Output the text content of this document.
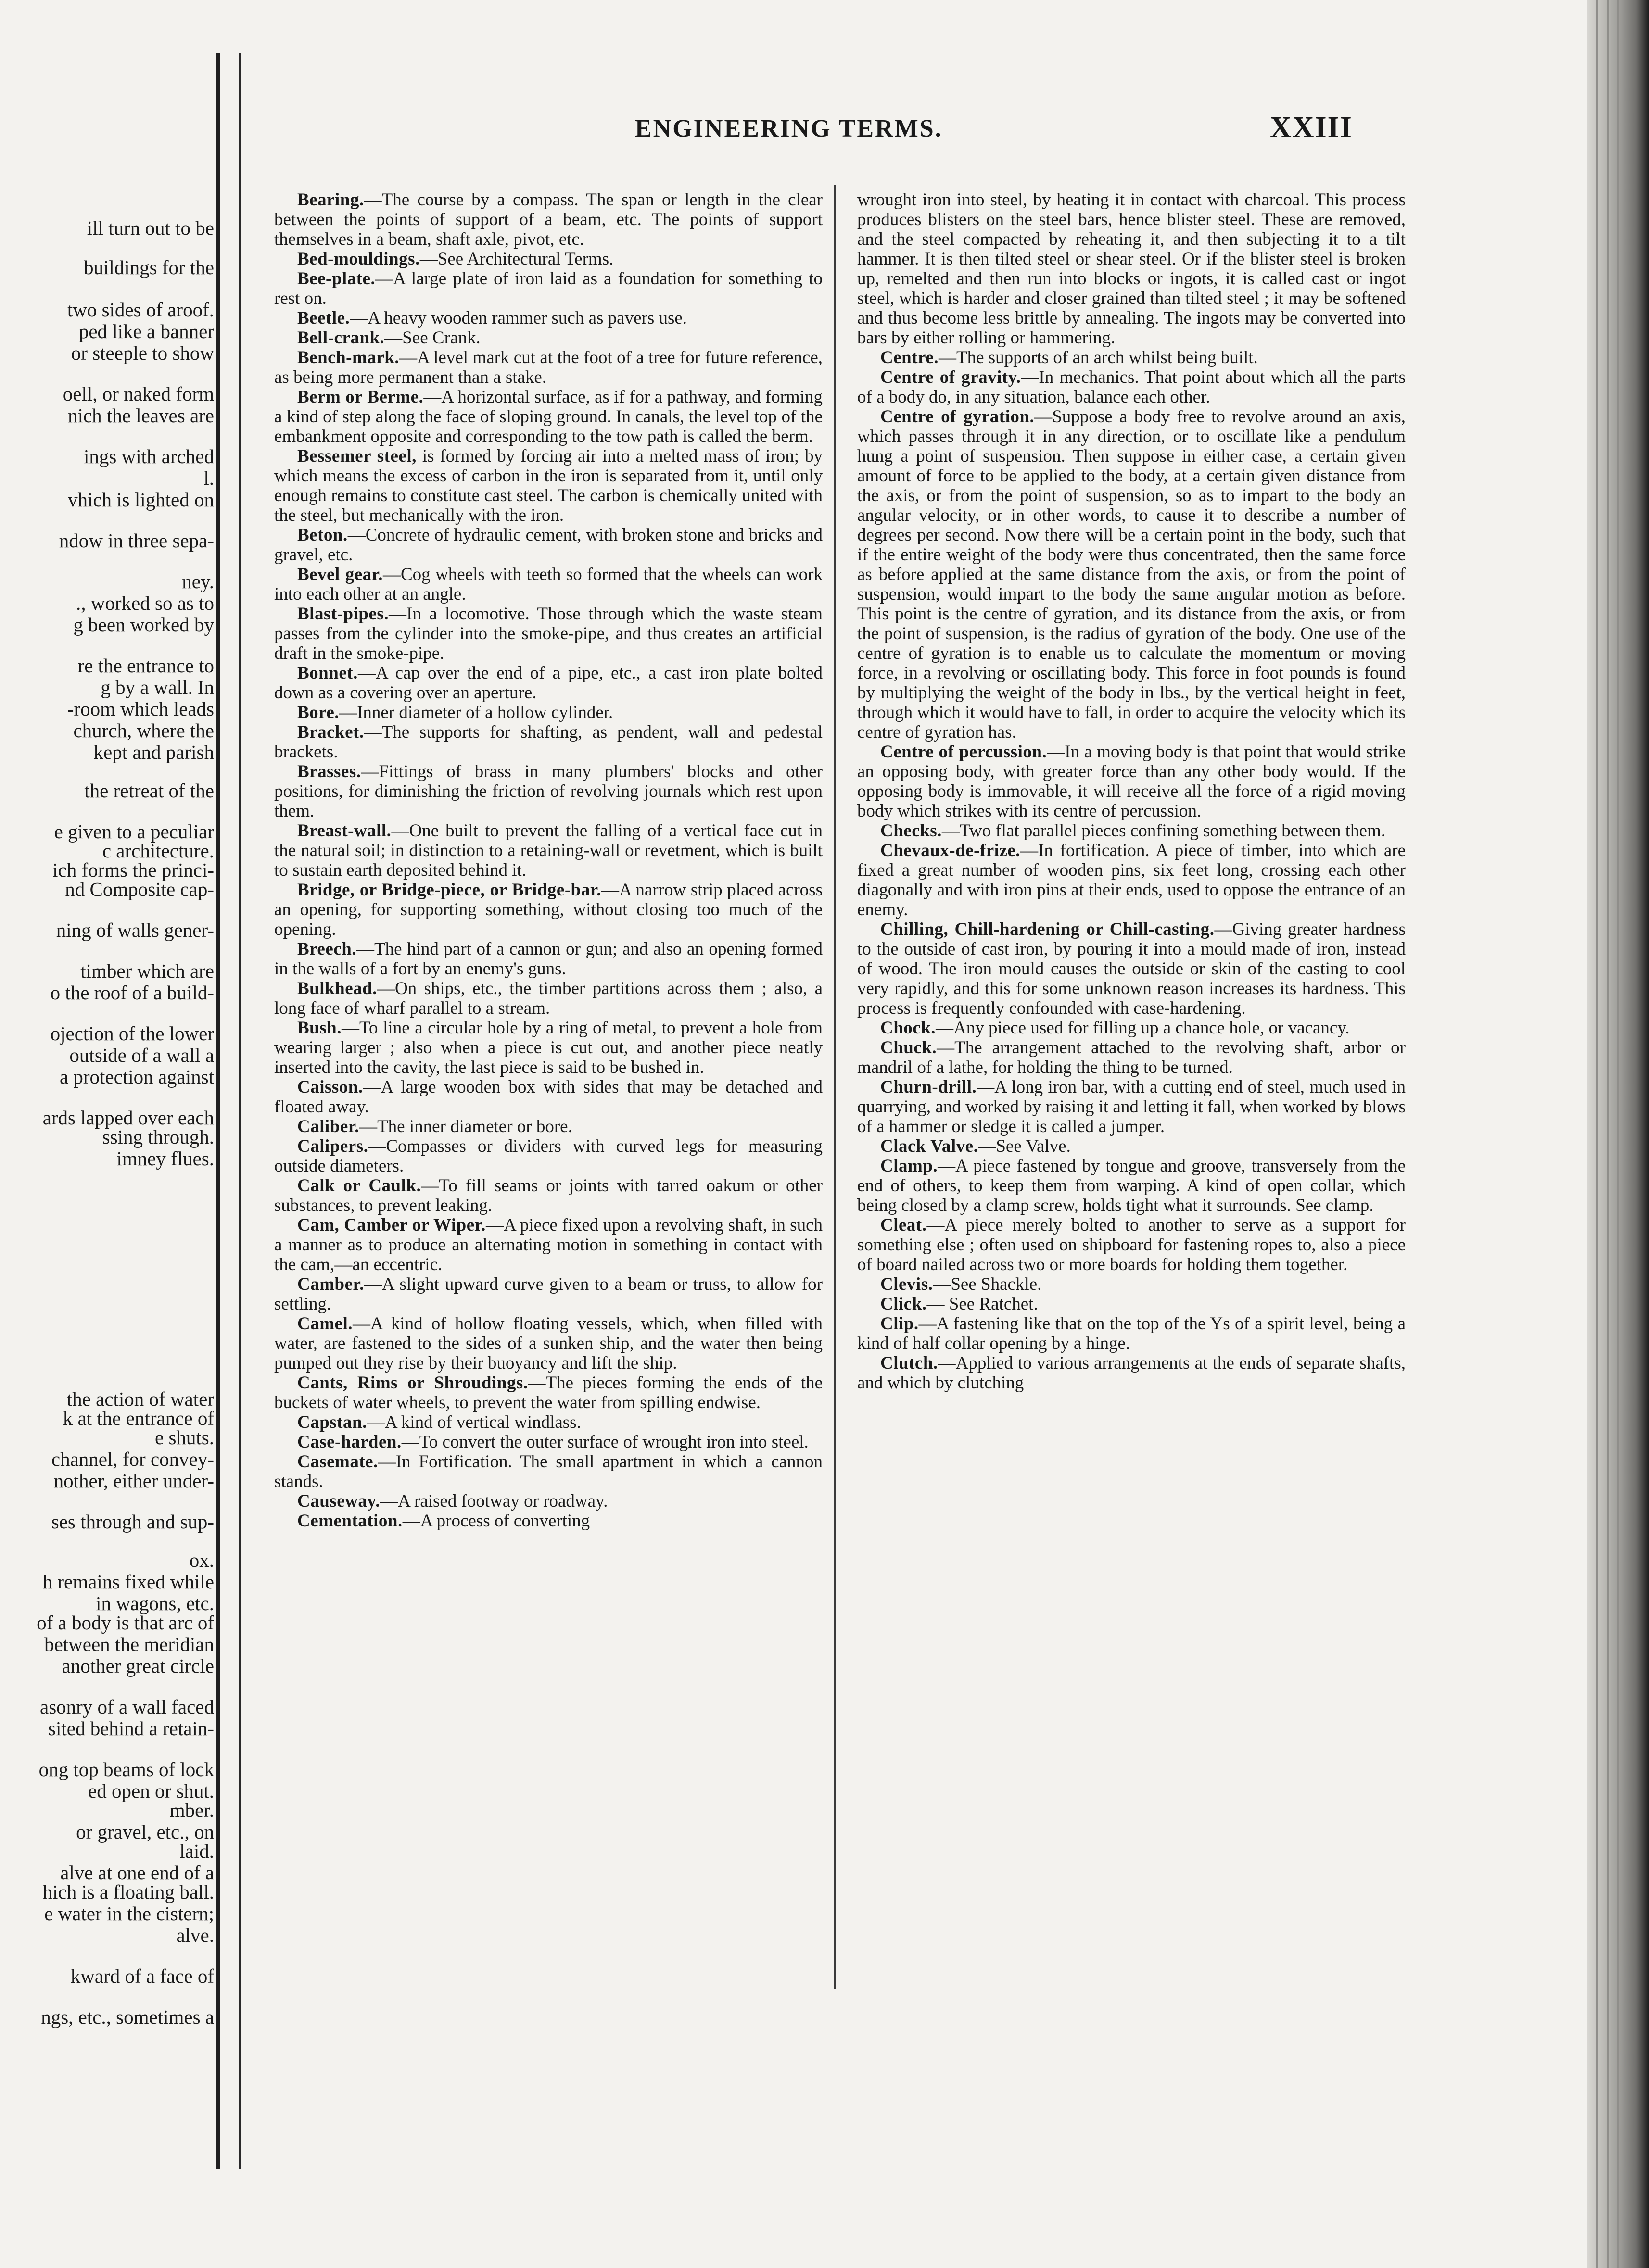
ENGINEERING TERMS.	XXIII
ill turn out to be
buildings for the
two sides of aroof.
ped like a banner
or steeple to show
oell, or naked form
nich the leaves are
ings with arched
l.
vhich is lighted on
ndow in three sepa-
ney.
., worked so as to
g been worked by
re the entrance to
g by a wall. In
-room which leads
church, where the
kept and parish
the retreat of the
e given to a peculiar
c architecture.
ich forms the princi-
nd Composite cap-
ning of walls gener-
timber which are
o the roof of a build-
ojection of the lower
outside of a wall a
a protection against
ards lapped over each
ssing through.
imney flues.
the action of water
k at the entrance of
e shuts.
channel, for convey-
nother, either under-
ses through and sup-
ox.
h remains fixed while
in wagons, etc.
of a body is that arc of
between the meridian
another great circle
asonry of a wall faced
sited behind a retain-
ong top beams of lock
ed open or shut.
mber.
or gravel, etc., on
laid.
alve at one end of a
hich is a floating ball.
e water in the cistern;
alve.
kward of a face of
ngs, etc., sometimes a

Bearing.—The course by a compass. The span or length in the clear between the points of support of a beam, etc. The points of support themselves in a beam, shaft axle, pivot, etc.

Bed-mouldings.—See Architectural Terms.

Bee-plate.—A large plate of iron laid as a foundation for something to rest on.

Beetle.—A heavy wooden rammer such as pavers use.

Bell-crank.—See Crank.

Bench-mark.—A level mark cut at the foot of a tree for future reference, as being more permanent than a stake.

Berm or Berme.—A horizontal surface, as if for a pathway, and forming a kind of step along the face of sloping ground. In canals, the level top of the embankment opposite and corresponding to the tow path is called the berm.

Bessemer steel, is formed by forcing air into a melted mass of iron; by which means the excess of carbon in the iron is separated from it, until only enough remains to constitute cast steel. The carbon is chemically united with the steel, but mechanically with the iron.

Beton.—Concrete of hydraulic cement, with broken stone and bricks and gravel, etc.

Bevel gear.—Cog wheels with teeth so formed that the wheels can work into each other at an angle.

Blast-pipes.—In a locomotive. Those through which the waste steam passes from the cylinder into the smoke-pipe, and thus creates an artificial draft in the smoke-pipe.

Bonnet.—A cap over the end of a pipe, etc., a cast iron plate bolted down as a covering over an aperture.

Bore.—Inner diameter of a hollow cylinder.

Bracket.—The supports for shafting, as pendent, wall and pedestal brackets.

Brasses.—Fittings of brass in many plumbers' blocks and other positions, for diminishing the friction of revolving journals which rest upon them.

Breast-wall.—One built to prevent the falling of a vertical face cut in the natural soil; in distinction to a retaining-wall or revetment, which is built to sustain earth deposited behind it.

Bridge, or Bridge-piece, or Bridge-bar.—A narrow strip placed across an opening, for supporting something, without closing too much of the opening.

Breech.—The hind part of a cannon or gun; and also an opening formed in the walls of a fort by an enemy's guns.

Bulkhead.—On ships, etc., the timber partitions across them ; also, a long face of wharf parallel to a stream.

Bush.—To line a circular hole by a ring of metal, to prevent a hole from wearing larger ; also when a piece is cut out, and another piece neatly inserted into the cavity, the last piece is said to be bushed in.

Caisson.—A large wooden box with sides that may be detached and floated away.

Caliber.—The inner diameter or bore.

Calipers.—Compasses or dividers with curved legs for measuring outside diameters.

Calk or Caulk.—To fill seams or joints with tarred oakum or other substances, to prevent leaking.

Cam, Camber or Wiper.—A piece fixed upon a revolving shaft, in such a manner as to produce an alternating motion in something in contact with the cam,—an eccentric.

Camber.—A slight upward curve given to a beam or truss, to allow for settling.

Camel.—A kind of hollow floating vessels, which, when filled with water, are fastened to the sides of a sunken ship, and the water then being pumped out they rise by their buoyancy and lift the ship.

Cants, Rims or Shroudings.—The pieces forming the ends of the buckets of water wheels, to prevent the water from spilling endwise.

Capstan.—A kind of vertical windlass.

Case-harden.—To convert the outer surface of wrought iron into steel.

Casemate.—In Fortification. The small apartment in which a cannon stands.

Causeway.—A raised footway or roadway.

Cementation.—A process of converting

wrought iron into steel, by heating it in contact with charcoal. This process produces blisters on the steel bars, hence blister steel. These are removed, and the steel compacted by reheating it, and then subjecting it to a tilt hammer. It is then tilted steel or shear steel. Or if the blister steel is broken up, remelted and then run into blocks or ingots, it is called cast or ingot steel, which is harder and closer grained than tilted steel ; it may be softened and thus become less brittle by annealing. The ingots may be converted into bars by either rolling or hammering.

Centre.—The supports of an arch whilst being built.

Centre of gravity.—In mechanics. That point about which all the parts of a body do, in any situation, balance each other.

Centre of gyration.—Suppose a body free to revolve around an axis, which passes through it in any direction, or to oscillate like a pendulum hung a point of suspension. Then suppose in either case, a certain given amount of force to be applied to the body, at a certain given distance from the axis, or from the point of suspension, so as to impart to the body an angular velocity, or in other words, to cause it to describe a number of degrees per second. Now there will be a certain point in the body, such that if the entire weight of the body were thus concentrated, then the same force as before applied at the same distance from the axis, or from the point of suspension, would impart to the body the same angular motion as before. This point is the centre of gyration, and its distance from the axis, or from the point of suspension, is the radius of gyration of the body. One use of the centre of gyration is to enable us to calculate the momentum or moving force, in a revolving or oscillating body. This force in foot pounds is found by multiplying the weight of the body in lbs., by the vertical height in feet, through which it would have to fall, in order to acquire the velocity which its centre of gyration has.

Centre of percussion.—In a moving body is that point that would strike an opposing body, with greater force than any other body would. If the opposing body is immovable, it will receive all the force of a rigid moving body which strikes with its centre of percussion.

Checks.—Two flat parallel pieces confining something between them.

Chevaux-de-frize.—In fortification. A piece of timber, into which are fixed a great number of wooden pins, six feet long, crossing each other diagonally and with iron pins at their ends, used to oppose the entrance of an enemy.

Chilling, Chill-hardening or Chill-casting.—Giving greater hardness to the outside of cast iron, by pouring it into a mould made of iron, instead of wood. The iron mould causes the outside or skin of the casting to cool very rapidly, and this for some unknown reason increases its hardness. This process is frequently confounded with case-hardening.

Chock.—Any piece used for filling up a chance hole, or vacancy.

Chuck.—The arrangement attached to the revolving shaft, arbor or mandril of a lathe, for holding the thing to be turned.

Churn-drill.—A long iron bar, with a cutting end of steel, much used in quarrying, and worked by raising it and letting it fall, when worked by blows of a hammer or sledge it is called a jumper.

Clack Valve.—See Valve.

Clamp.—A piece fastened by tongue and groove, transversely from the end of others, to keep them from warping. A kind of open collar, which being closed by a clamp screw, holds tight what it surrounds. See clamp.

Cleat.—A piece merely bolted to another to serve as a support for something else ; often used on shipboard for fastening ropes to, also a piece of board nailed across two or more boards for holding them together.

Clevis.—See Shackle.

Click.— See Ratchet.

Clip.—A fastening like that on the top of the Ys of a spirit level, being a kind of half collar opening by a hinge.

Clutch.—Applied to various arrangements at the ends of separate shafts, and which by clutching
